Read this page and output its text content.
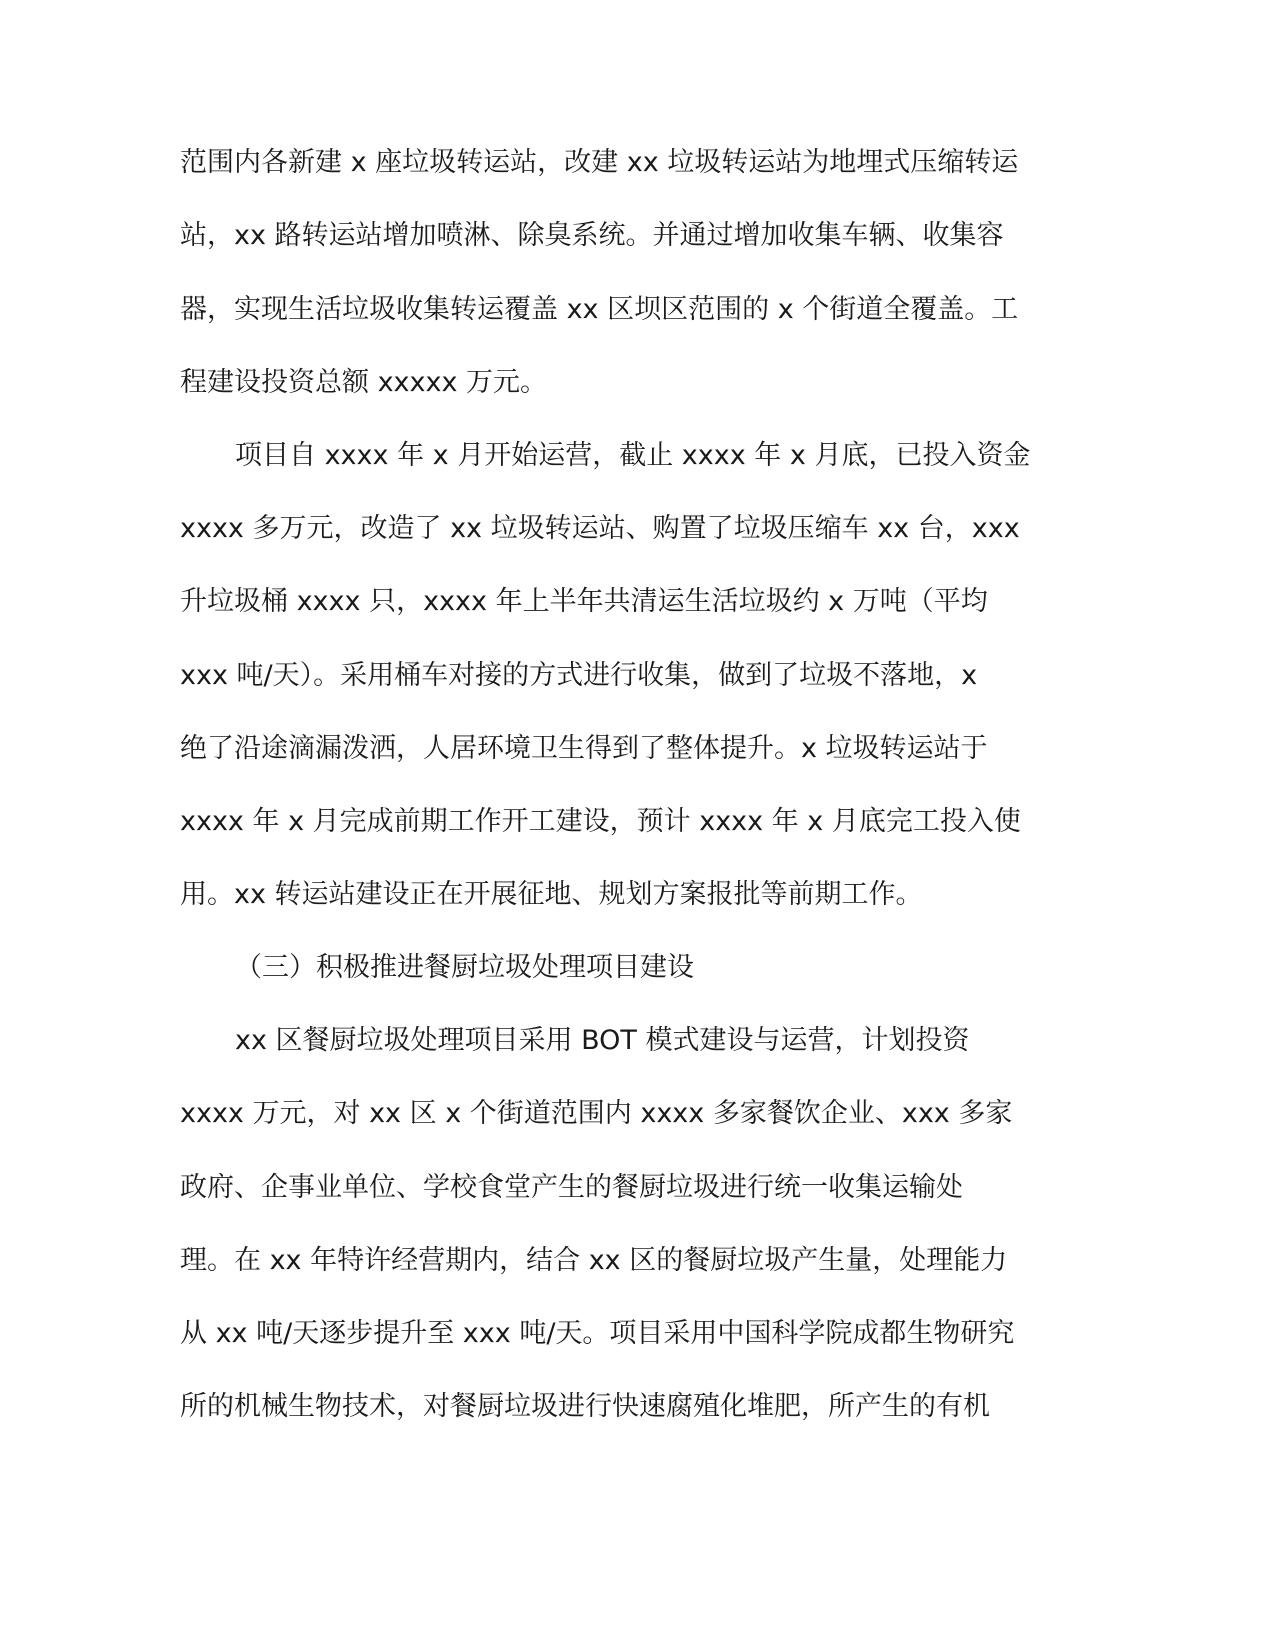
范围内各新建 x 座垃圾转运站，改建 xx 垃圾转运站为地埋式压缩转运
站，xx 路转运站增加喷淋、除臭系统。并通过增加收集车辆、收集容
器，实现生活垃圾收集转运覆盖 xx 区坝区范围的 x 个街道全覆盖。工
程建设投资总额 xxxxx 万元。
项目自 xxxx 年 x 月开始运营，截止 xxxx 年 x 月底，已投入资金
xxxx 多万元，改造了 xx 垃圾转运站、购置了垃圾压缩车 xx 台，xxx
升垃圾桶 xxxx 只，xxxx 年上半年共清运生活垃圾约 x 万吨（平均
xxx 吨/天）。采用桶车对接的方式进行收集，做到了垃圾不落地，x
绝了沿途滴漏泼洒，人居环境卫生得到了整体提升。x 垃圾转运站于
xxxx 年 x 月完成前期工作开工建设，预计 xxxx 年 x 月底完工投入使
用。xx 转运站建设正在开展征地、规划方案报批等前期工作。
（三）积极推进餐厨垃圾处理项目建设
xx 区餐厨垃圾处理项目采用 BOT 模式建设与运营，计划投资
xxxx 万元，对 xx 区 x 个街道范围内 xxxx 多家餐饮企业、xxx 多家
政府、企事业单位、学校食堂产生的餐厨垃圾进行统一收集运输处
理。在 xx 年特许经营期内，结合 xx 区的餐厨垃圾产生量，处理能力
从 xx 吨/天逐步提升至 xxx 吨/天。项目采用中国科学院成都生物研究
所的机械生物技术，对餐厨垃圾进行快速腐殖化堆肥，所产生的有机
